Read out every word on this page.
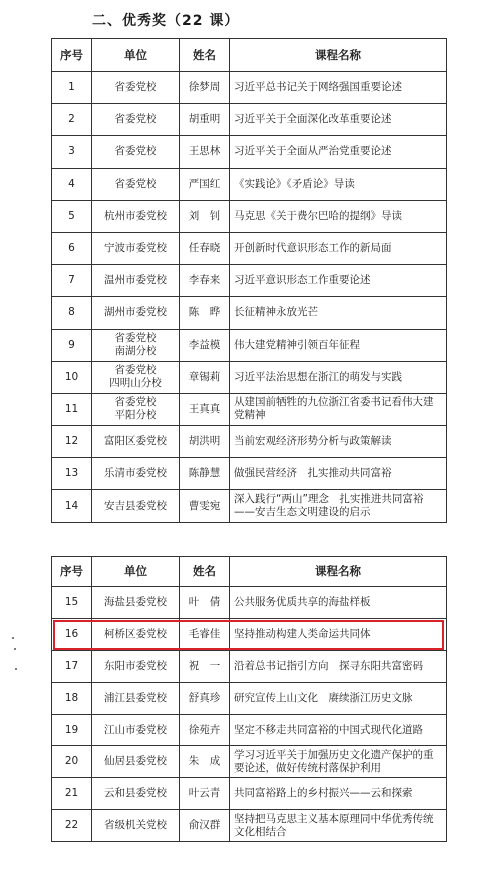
二、优秀奖（22 课）
序号	单位	姓名	课程名称
1	省委党校	徐梦周	习近平总书记关于网络强国重要论述
2	省委党校	胡重明	习近平关于全面深化改革重要论述
3	省委党校	王思林	习近平关于全面从严治党重要论述
4	省委党校	严国红	《实践论》《矛盾论》导读
5	杭州市委党校	刘　钊	马克思《关于费尔巴哈的提纲》导读
6	宁波市委党校	任春晓	开创新时代意识形态工作的新局面
7	温州市委党校	李春来	习近平意识形态工作重要论述
8	湖州市委党校	陈　晔	长征精神永放光芒
9	省委党校
南湖分校	李益模	伟大建党精神引领百年征程
10	省委党校
四明山分校	章锡莉	习近平法治思想在浙江的萌发与实践
11	省委党校
平阳分校	王真真	从建国前牺牲的九位浙江省委书记看伟大建党精神
12	富阳区委党校	胡洪明	当前宏观经济形势分析与政策解读
13	乐清市委党校	陈静慧	做强民营经济　扎实推动共同富裕
14	安吉县委党校	曹雯宛	深入践行“两山”理念　扎实推进共同富裕
——安吉生态文明建设的启示
序号	单位	姓名	课程名称
15	海盐县委党校	叶　倩	公共服务优质共享的海盐样板
16	柯桥区委党校	毛睿佳	坚持推动构建人类命运共同体
17	东阳市委党校	祝　一	沿着总书记指引方向　探寻东阳共富密码
18	浦江县委党校	舒真珍	研究宣传上山文化　赓续浙江历史文脉
19	江山市委党校	徐苑卉	坚定不移走共同富裕的中国式现代化道路
20	仙居县委党校	朱　成	学习习近平关于加强历史文化遗产保护的重要论述，做好传统村落保护利用
21	云和县委党校	叶云青	共同富裕路上的乡村振兴——云和探索
22	省级机关党校	俞汉群	坚持把马克思主义基本原理同中华优秀传统文化相结合
